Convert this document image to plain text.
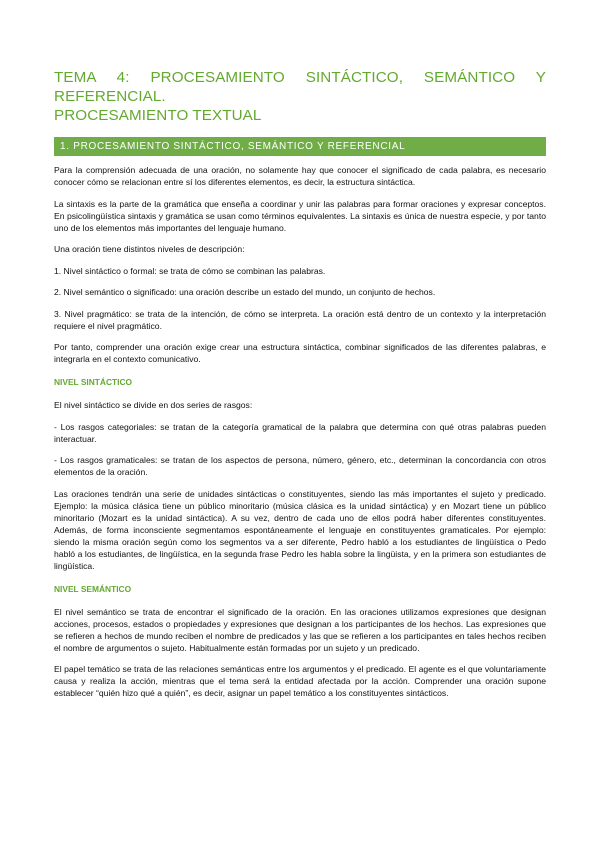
TEMA 4: PROCESAMIENTO SINTÁCTICO, SEMÁNTICO Y REFERENCIAL.
PROCESAMIENTO TEXTUAL
1. PROCESAMIENTO SINTÁCTICO, SEMÁNTICO Y REFERENCIAL

Para la comprensión adecuada de una oración, no solamente hay que conocer el significado de cada palabra, es necesario conocer cómo se relacionan entre sí los diferentes elementos, es decir, la estructura sintáctica.

La sintaxis es la parte de la gramática que enseña a coordinar y unir las palabras para formar oraciones y expresar conceptos. En psicolingüística sintaxis y gramática se usan como términos equivalentes. La sintaxis es única de nuestra especie, y por tanto uno de los elementos más importantes del lenguaje humano.

Una oración tiene distintos niveles de descripción:

1. Nivel sintáctico o formal: se trata de cómo se combinan las palabras.

2. Nivel semántico o significado: una oración describe un estado del mundo, un conjunto de hechos.

3. Nivel pragmático: se trata de la intención, de cómo se interpreta. La oración está dentro de un contexto y la interpretación requiere el nivel pragmático.

Por tanto, comprender una oración exige crear una estructura sintáctica, combinar significados de las diferentes palabras, e integrarla en el contexto comunicativo.

NIVEL SINTÁCTICO

El nivel sintáctico se divide en dos series de rasgos:

- Los rasgos categoriales: se tratan de la categoría gramatical de la palabra que determina con qué otras palabras pueden interactuar.

- Los rasgos gramaticales: se tratan de los aspectos de persona, número, género, etc., determinan la concordancia con otros elementos de la oración.

Las oraciones tendrán una serie de unidades sintácticas o constituyentes, siendo las más importantes el sujeto y predicado. Ejemplo: la música clásica tiene un público minoritario (música clásica es la unidad sintáctica) y en Mozart tiene un público minoritario (Mozart es la unidad sintáctica). A su vez, dentro de cada uno de ellos podrá haber diferentes constituyentes. Además, de forma inconsciente segmentamos espontáneamente el lenguaje en constituyentes gramaticales. Por ejemplo: siendo la misma oración según como los segmentos va a ser diferente, Pedro habló a los estudiantes de lingüística o Pedo habló a los estudiantes, de lingüística, en la segunda frase Pedro les habla sobre la lingüista, y en la primera son estudiantes de lingüística.

NIVEL SEMÁNTICO

El nivel semántico se trata de encontrar el significado de la oración. En las oraciones utilizamos expresiones que designan acciones, procesos, estados o propiedades y expresiones que designan a los participantes de los hechos. Las expresiones que se refieren a hechos de mundo reciben el nombre de predicados y las que se refieren a los participantes en tales hechos reciben el nombre de argumentos o sujeto. Habitualmente están formadas por un sujeto y un predicado.

El papel temático se trata de las relaciones semánticas entre los argumentos y el predicado. El agente es el que voluntariamente causa y realiza la acción, mientras que el tema será la entidad afectada por la acción. Comprender una oración supone establecer “quién hizo qué a quién”, es decir, asignar un papel temático a los constituyentes sintácticos.
